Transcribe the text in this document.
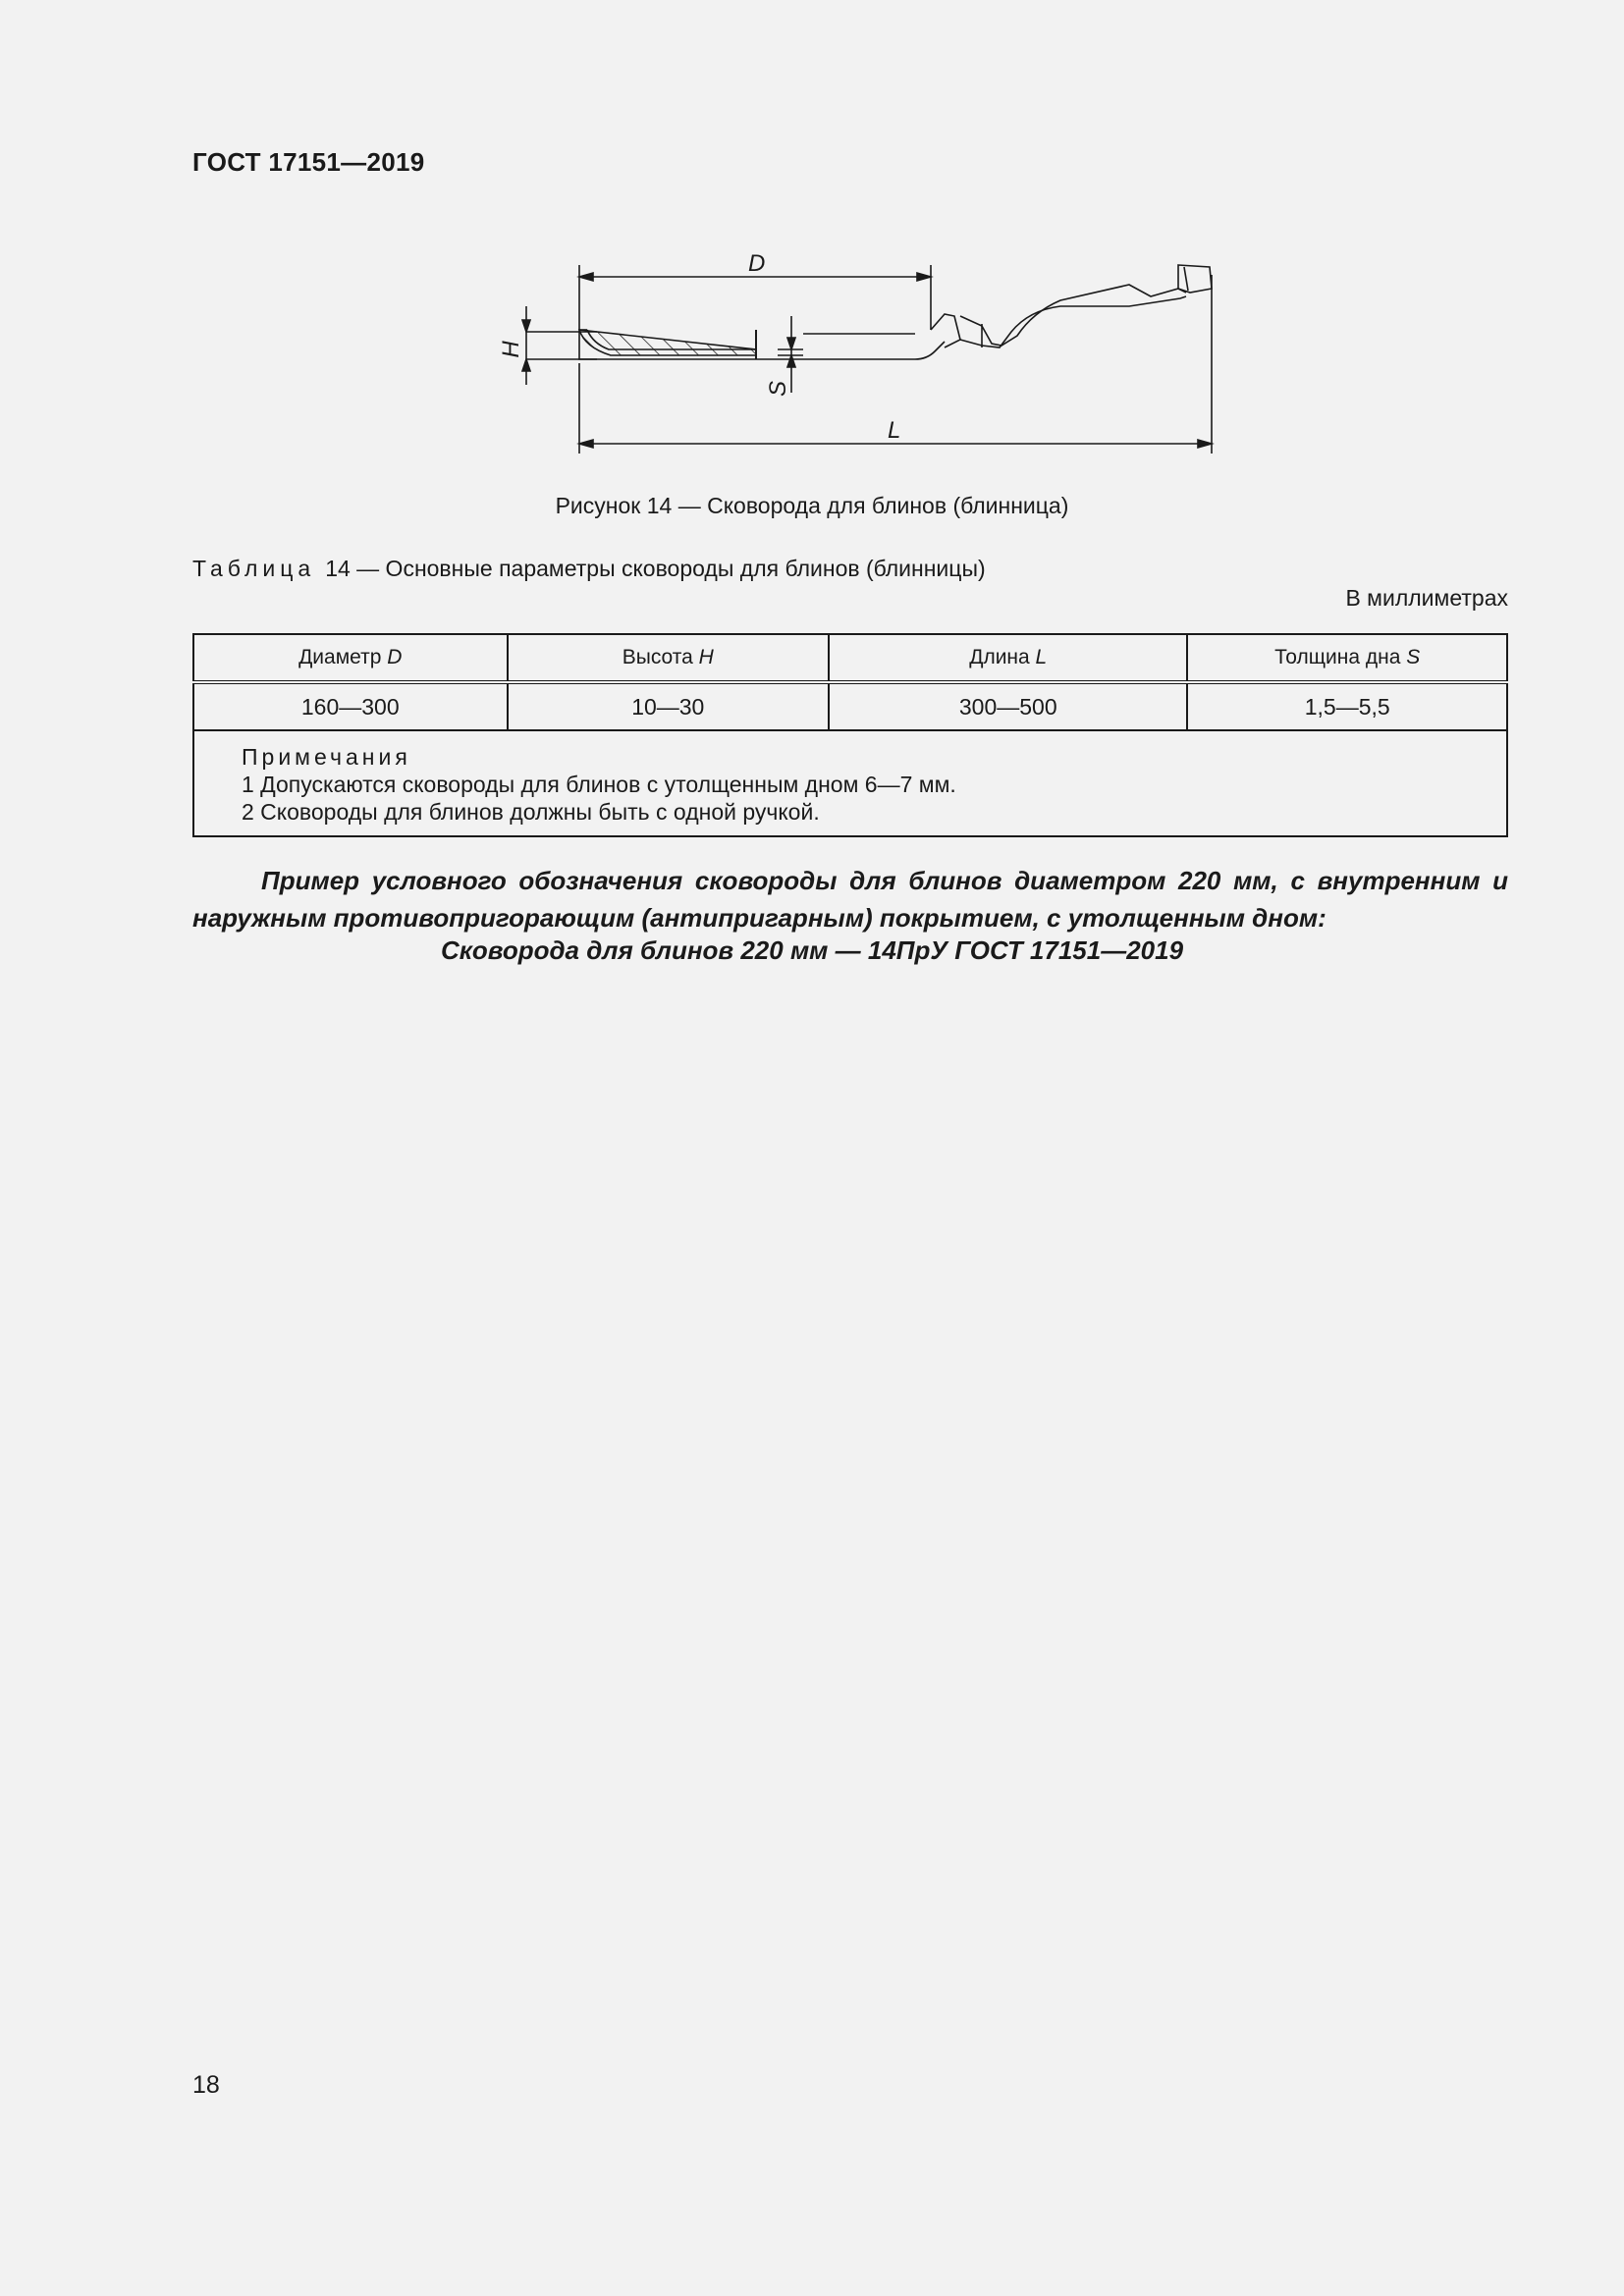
ГОСТ 17151—2019
D
L
H
S
Рисунок 14 — Сковорода для блинов (блинница)
Таблица 14 — Основные параметры сковороды для блинов (блинницы)
В миллиметрах
Диаметр D	Высота H	Длина L	Толщина дна S
160—300	10—30	300—500	1,5—5,5

Примечания
1 Допускаются сковороды для блинов с утолщенным дном 6—7 мм.
2 Сковороды для блинов должны быть с одной ручкой.			
Пример условного обозначения сковороды для блинов диаметром 220 мм, с внутренним и наружным противопригорающим (антипригарным) покрытием, с утолщенным дном:
Сковорода для блинов 220 мм — 14ПрУ ГОСТ 17151—2019
18
